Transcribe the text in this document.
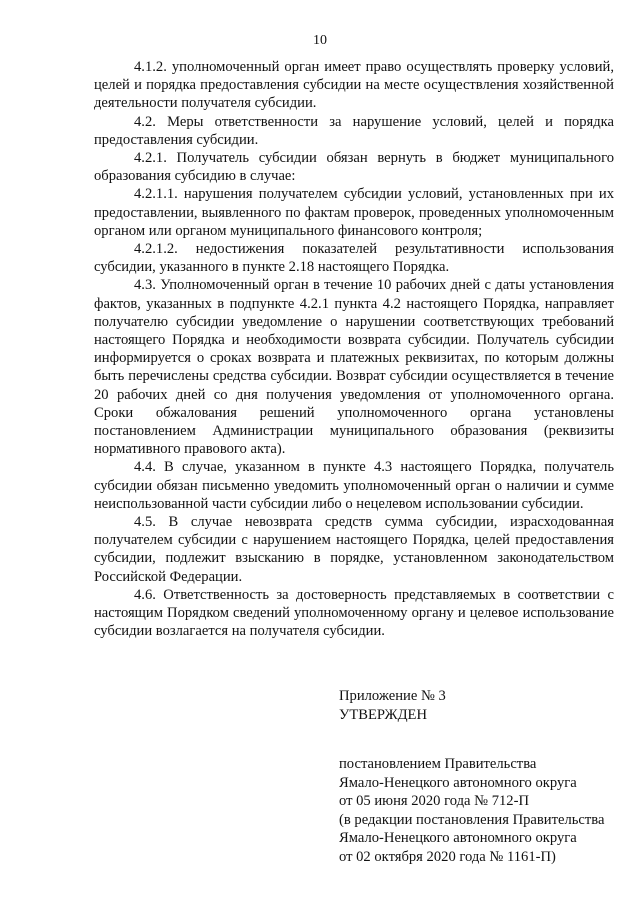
10

4.1.2. уполномоченный орган имеет право осуществлять проверку условий, целей и порядка предоставления субсидии на месте осуществления хозяйственной деятельности получателя субсидии.

4.2. Меры ответственности за нарушение условий, целей и порядка предоставления субсидии.

4.2.1. Получатель субсидии обязан вернуть в бюджет муниципального образования субсидию в случае:

4.2.1.1. нарушения получателем субсидии условий, установленных при их предоставлении, выявленного по фактам проверок, проведенных уполномоченным органом или органом муниципального финансового контроля;

4.2.1.2. недостижения показателей результативности использования субсидии, указанного в пункте 2.18 настоящего Порядка.

4.3. Уполномоченный орган в течение 10 рабочих дней с даты установления фактов, указанных в подпункте 4.2.1 пункта 4.2 настоящего Порядка, направляет получателю субсидии уведомление о нарушении соответствующих требований настоящего Порядка и необходимости возврата субсидии. Получатель субсидии информируется о сроках возврата и платежных реквизитах, по которым должны быть перечислены средства субсидии. Возврат субсидии осуществляется в течение 20 рабочих дней со дня получения уведомления от уполномоченного органа. Сроки обжалования решений уполномоченного органа установлены постановлением Администрации муниципального образования (реквизиты нормативного правового акта).

4.4. В случае, указанном в пункте 4.3 настоящего Порядка, получатель субсидии обязан письменно уведомить уполномоченный орган о наличии и сумме неиспользованной части субсидии либо о нецелевом использовании субсидии.

4.5. В случае невозврата средств сумма субсидии, израсходованная получателем субсидии с нарушением настоящего Порядка, целей предоставления субсидии, подлежит взысканию в порядке, установленном законодательством Российской Федерации.

4.6. Ответственность за достоверность представляемых в соответствии с настоящим Порядком сведений уполномоченному органу и целевое использование субсидии возлагается на получателя субсидии.

Приложение № 3
УТВЕРЖДЕН
постановлением Правительства
Ямало-Ненецкого автономного округа
от 05 июня 2020 года № 712-П
(в редакции постановления Правительства
Ямало-Ненецкого автономного округа
от 02 октября 2020 года № 1161-П)
